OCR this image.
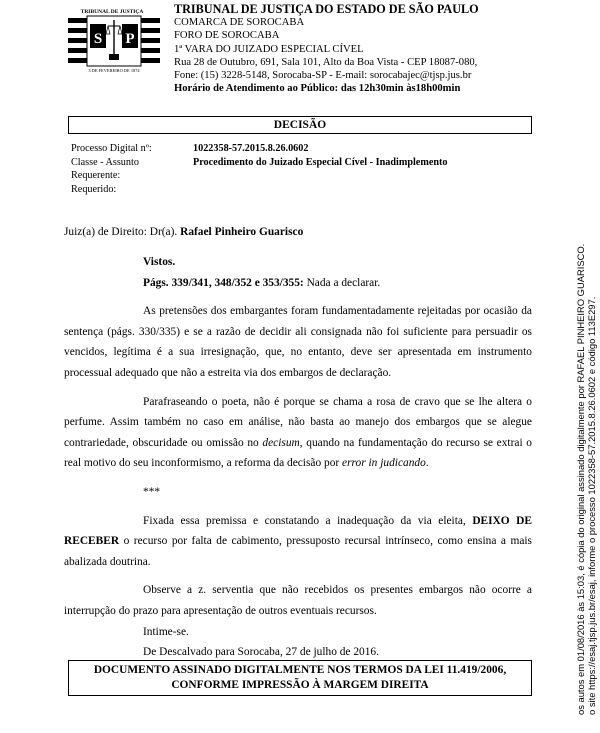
TRIBUNAL DE JUSTIÇA
S P
3 DE FEVEREIRO DE 1874
TRIBUNAL DE JUSTIÇA DO ESTADO DE SÃO PAULO
COMARCA DE SOROCABA
FORO DE SOROCABA
1ª VARA DO JUIZADO ESPECIAL CÍVEL
Rua 28 de Outubro, 691, Sala 101, Alto da Boa Vista - CEP 18087-080,
Fone: (15) 3228-5148, Sorocaba-SP - E-mail: sorocabajec@tjsp.jus.br
Horário de Atendimento ao Público: das 12h30min às18h00min
DECISÃO
Processo Digital nº:	1022358-57.2015.8.26.0602
Classe - Assunto	Procedimento do Juizado Especial Cível - Inadimplemento
Requerente:
Requerido:
Juiz(a) de Direito: Dr(a). Rafael Pinheiro Guarisco

Vistos.

Págs. 339/341, 348/352 e 353/355: Nada a declarar.

As pretensões dos embargantes foram fundamentadamente rejeitadas por ocasião da sentença (págs. 330/335) e se a razão de decidir ali consignada não foi suficiente para persuadir os vencidos, legítima é a sua irresignação, que, no entanto, deve ser apresentada em instrumento processual adequado que não a estreita via dos embargos de declaração.

Parafraseando o poeta, não é porque se chama a rosa de cravo que se lhe altera o perfume. Assim também no caso em análise, não basta ao manejo dos embargos que se alegue contrariedade, obscuridade ou omissão no decisum, quando na fundamentação do recurso se extrai o real motivo do seu inconformismo, a reforma da decisão por error in judicando.

***

Fixada essa premissa e constatando a inadequação da via eleita, DEIXO DE RECEBER o recurso por falta de cabimento, pressuposto recursal intrínseco, como ensina a mais abalizada doutrina.

Observe a z. serventia que não recebidos os presentes embargos não ocorre a interrupção do prazo para apresentação de outros eventuais recursos.

Intime-se.

De Descalvado para Sorocaba, 27 de julho de 2016.

DOCUMENTO ASSINADO DIGITALMENTE NOS TERMOS DA LEI 11.419/2006,
CONFORME IMPRESSÃO À MARGEM DIREITA	os autos em 01/08/2016 às 15:03, é cópia do original assinado digitalmente por RAFAEL PINHEIRO GUARISCO. o site https://esaj.tjsp.jus.br/esaj, informe o processo 1022358-57.2015.8.26.0602 e código 113E297.
